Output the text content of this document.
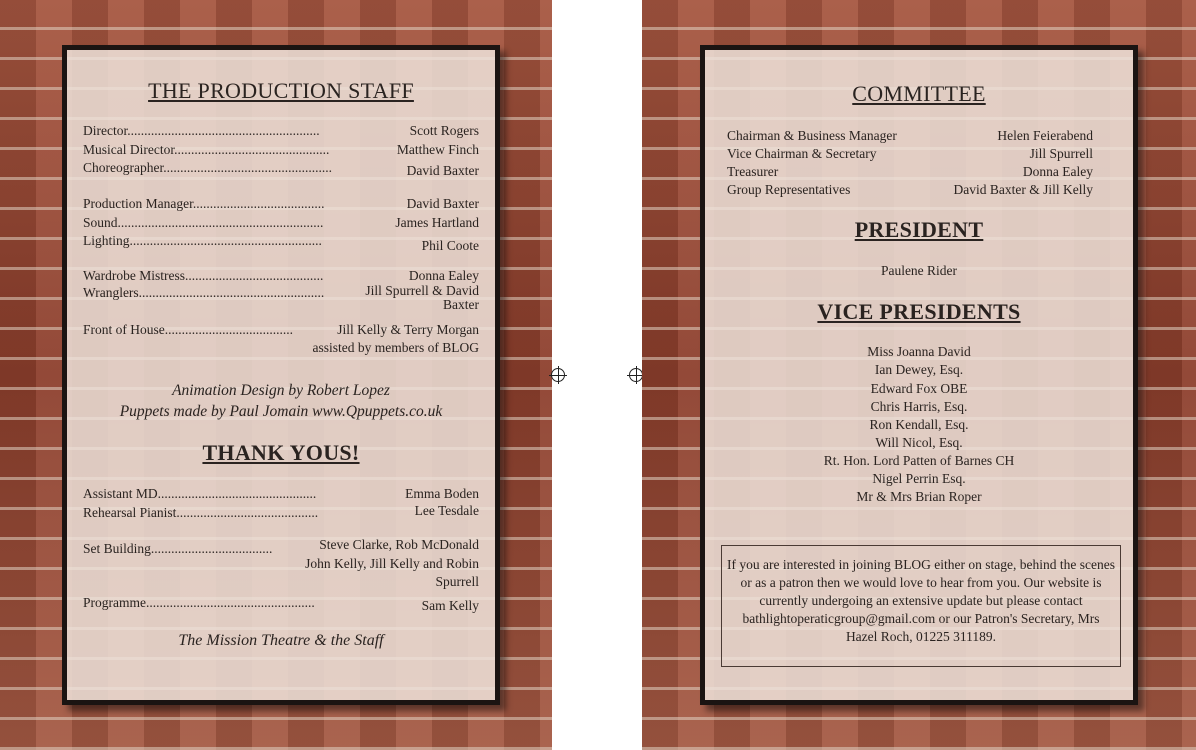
THE PRODUCTION STAFF
Director.........................................................	Scott Rogers
Musical Director..............................................	Matthew Finch
Choreographer..................................................	David Baxter
Production Manager.......................................	David Baxter
Sound.............................................................	James Hartland
Lighting.........................................................	Phil Coote
Wardrobe Mistress.........................................	Donna Ealey
Wranglers.......................................................	Jill Spurrell & David Baxter
Front of House......................................	Jill Kelly & Terry Morgan assisted by members of BLOG
Animation Design by Robert Lopez
Puppets made by Paul Jomain www.Qpuppets.co.uk
THANK YOUS!
Assistant MD...............................................	Emma Boden
Rehearsal Pianist..........................................	Lee Tesdale
Set Building....................................	Steve Clarke, Rob McDonald John Kelly, Jill Kelly and Robin Spurrell
Programme..................................................	Sam Kelly
The Mission Theatre & the Staff
COMMITTEE
Chairman & Business Manager	Helen Feierabend
Vice Chairman & Secretary	Jill Spurrell
Treasurer	Donna Ealey
Group Representatives	David Baxter & Jill Kelly
PRESIDENT
Paulene Rider
VICE PRESIDENTS
Miss Joanna David
Ian Dewey, Esq.
Edward Fox OBE
Chris Harris, Esq.
Ron Kendall, Esq.
Will Nicol, Esq.
Rt. Hon. Lord Patten of Barnes CH
Nigel Perrin Esq.
Mr & Mrs Brian Roper
If you are interested in joining BLOG either on stage, behind the scenes or as a patron then we would love to hear from you. Our website is currently undergoing an extensive update but please contact bathlightoperaticgroup@gmail.com or our Patron's Secretary, Mrs Hazel Roch, 01225 311189.
